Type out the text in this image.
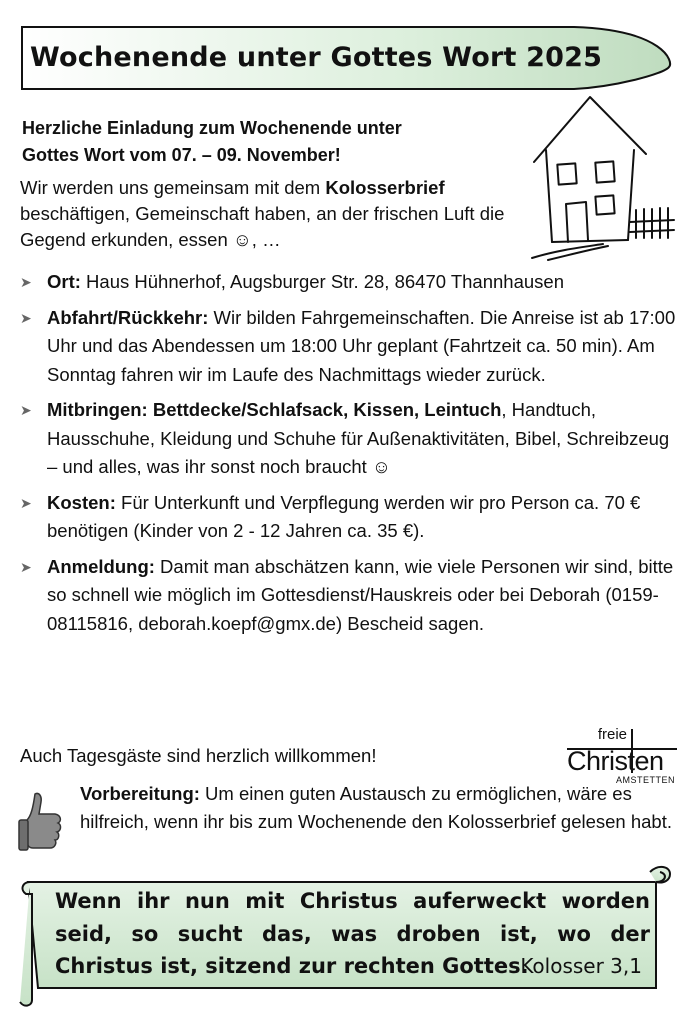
Wochenende unter Gottes Wort 2025
Herzliche Einladung zum Wochenende unter
Gottes Wort vom 07. – 09. November!
Wir werden uns gemeinsam mit dem Kolosserbrief beschäftigen, Gemeinschaft haben, an der frischen Luft die Gegend erkunden, essen ☺, …
➤ Ort: Haus Hühnerhof, Augsburger Str. 28, 86470 Thannhausen
➤ Abfahrt/Rückkehr: Wir bilden Fahrgemeinschaften. Die Anreise ist ab 17:00 Uhr und das Abendessen um 18:00 Uhr geplant (Fahrtzeit ca. 50 min). Am Sonntag fahren wir im Laufe des Nachmittags wieder zurück.
➤ Mitbringen: Bettdecke/Schlafsack, Kissen, Leintuch, Handtuch, Hausschuhe, Kleidung und Schuhe für Außenaktivitäten, Bibel, Schreibzeug – und alles, was ihr sonst noch braucht ☺
➤ Kosten: Für Unterkunft und Verpflegung werden wir pro Person ca. 70 € benötigen (Kinder von 2 - 12 Jahren ca. 35 €).
➤ Anmeldung: Damit man abschätzen kann, wie viele Personen wir sind, bitte so schnell wie möglich im Gottesdienst/Hauskreis oder bei Deborah (0159-08115816, deborah.koepf@gmx.de) Bescheid sagen.
Auch Tagesgäste sind herzlich willkommen!
freie
Christen
AMSTETTEN
Vorbereitung: Um einen guten Austausch zu ermöglichen, wäre es hilfreich, wenn ihr bis zum Wochenende den Kolosserbrief gelesen habt.
Wenn ihr nun mit Christus auferweckt worden seid, so sucht das, was droben ist, wo der Christus ist, sitzend zur rechten Gottes.
Kolosser 3,1
